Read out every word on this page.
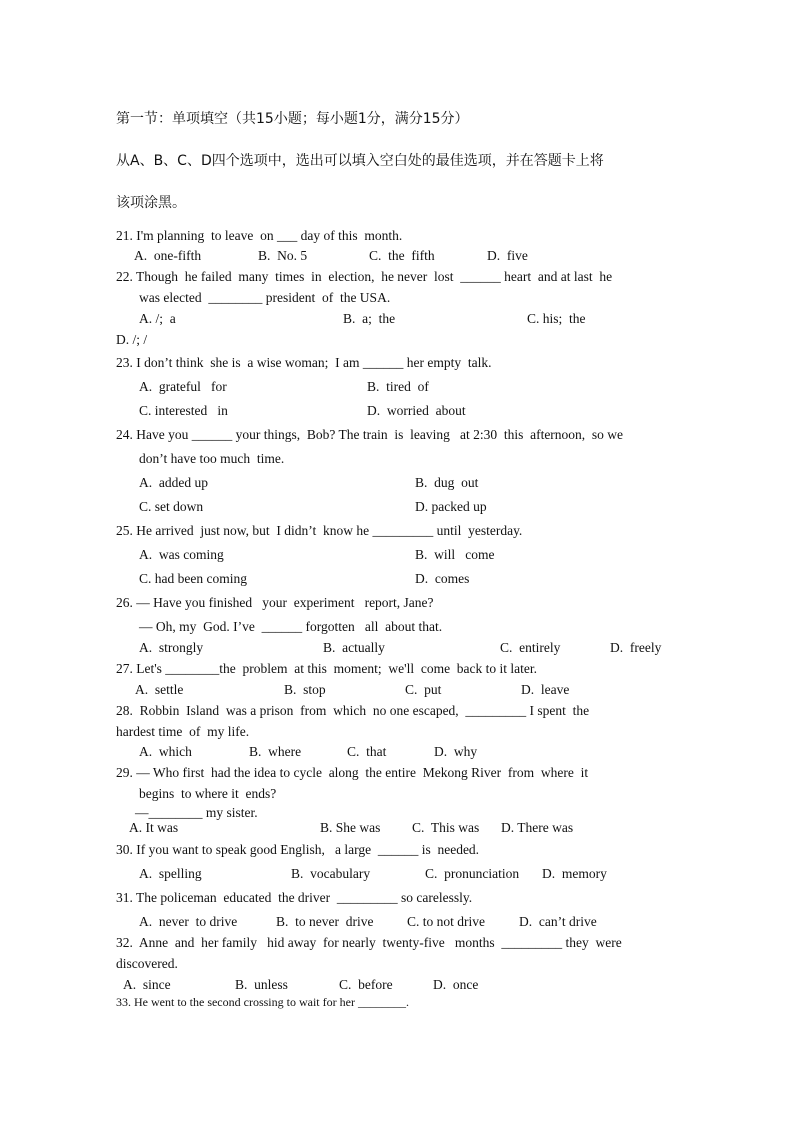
第一节：单项填空（共15小题；每小题1分，满分15分）
从A、B、C、D四个选项中，选出可以填入空白处的最佳选项，并在答题卡上将
该项涂黑。
21. I'm planning  to leave  on ___ day of this  month.
A.  one-fifth	B.  No. 5	C.  the  fifth	D.  five
22. Though  he failed  many  times  in  election,  he never  lost  ______ heart  and at last  he
was elected  ________ president  of  the USA.
A. /;  a	B.  a;  the	C. his;  the
D. /; /
23. I don’t think  she is  a wise woman;  I am ______ her empty  talk.
A.  grateful   for	B.  tired  of
C. interested   in	D.  worried  about
24. Have you ______ your things,  Bob? The train  is  leaving   at 2:30  this  afternoon,  so we
don’t have too much  time.
A.  added up	B.  dug  out
C. set down	D. packed up
25. He arrived  just now, but  I didn’t  know he _________ until  yesterday.
A.  was coming	B.  will   come
C. had been coming	D.  comes
26. — Have you finished   your  experiment   report, Jane?
— Oh, my  God. I’ve  ______ forgotten   all  about that.
A.  strongly	B.  actually	C.  entirely	D.  freely
27. Let's ________the  problem  at this  moment;  we'll  come  back to it later.
A.  settle	B.  stop	C.  put	D.  leave
28.  Robbin  Island  was a prison  from  which  no one escaped,  _________ I spent  the
hardest time  of  my life.
A.  which	B.  where	C.  that	D.  why
29. — Who first  had the idea to cycle  along  the entire  Mekong River  from  where  it
begins  to where it  ends?
—________ my sister.
A. It was	B. She was C.  This was D. There was
30. If you want to speak good English,   a large  ______ is  needed.
A.  spelling	B.  vocabulary	C.  pronunciation D.  memory
31. The policeman  educated  the driver  _________ so carelessly.
A.  never  to drive	B.  to never  drive C. to not drive	D.  can’t drive
32.  Anne  and  her family   hid away  for nearly  twenty-five   months  _________ they  were
discovered.
A.  since	B.  unless	C.  before	D.  once
33. He went to the second crossing to wait for her ________.
